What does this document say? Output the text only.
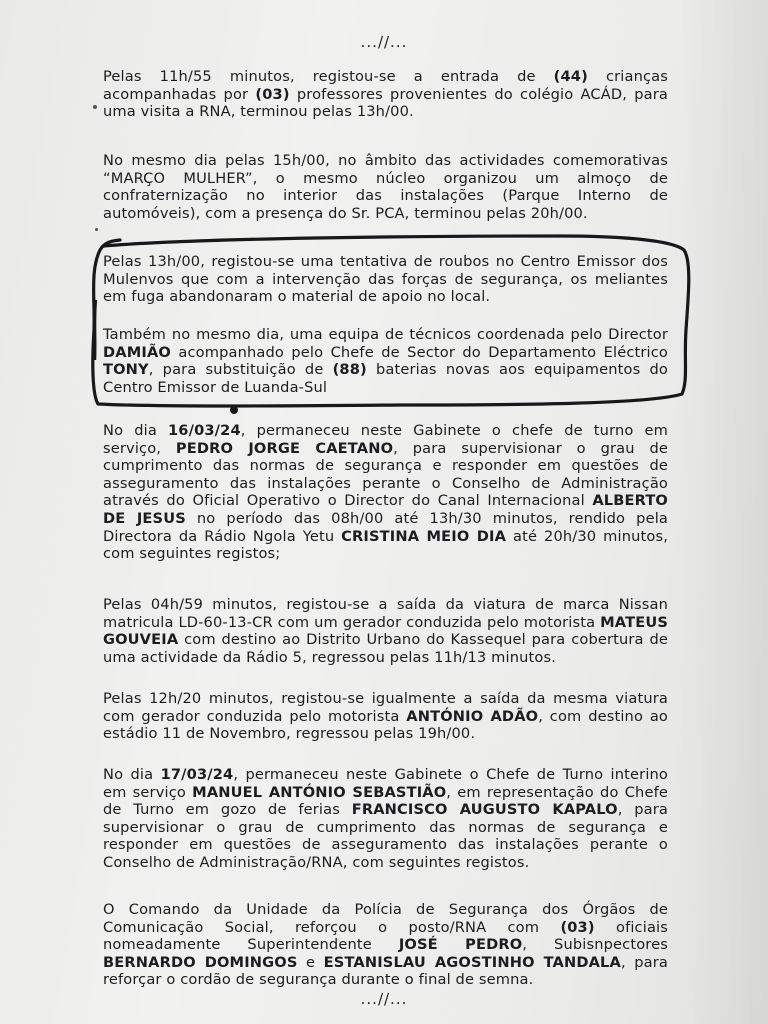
...//...
Pelas 11h/55 minutos, registou-se a entrada de (44) crianças acompanhadas por (03) professores provenientes do colégio ACÁD, para uma visita a RNA, terminou pelas 13h/00.
No mesmo dia pelas 15h/00, no âmbito das actividades comemorativas “MARÇO MULHER”, o mesmo núcleo organizou um almoço de confraternização no interior das instalações (Parque Interno de automóveis), com a presença do Sr. PCA, terminou pelas 20h/00.
Pelas 13h/00, registou-se uma tentativa de roubos no Centro Emissor dos Mulenvos que com a intervenção das forças de segurança, os meliantes em fuga abandonaram o material de apoio no local.
Também no mesmo dia, uma equipa de técnicos coordenada pelo Director DAMIÃO acompanhado pelo Chefe de Sector do Departamento Eléctrico TONY, para substituição de (88) baterias novas aos equipamentos do Centro Emissor de Luanda-Sul
No dia 16/03/24, permaneceu neste Gabinete o chefe de turno em serviço, PEDRO JORGE CAETANO, para supervisionar o grau de cumprimento das normas de segurança e responder em questões de asseguramento das instalações perante o Conselho de Administração através do Oficial Operativo o Director do Canal Internacional ALBERTO DE JESUS no período das 08h/00 até 13h/30 minutos, rendido pela Directora da Rádio Ngola Yetu CRISTINA MEIO DIA até 20h/30 minutos, com seguintes registos;
Pelas 04h/59 minutos, registou-se a saída da viatura de marca Nissan matricula LD-60-13-CR com um gerador conduzida pelo motorista MATEUS GOUVEIA com destino ao Distrito Urbano do Kassequel para cobertura de uma actividade da Rádio 5, regressou pelas 11h/13 minutos.
Pelas 12h/20 minutos, registou-se igualmente a saída da mesma viatura com gerador conduzida pelo motorista ANTÓNIO ADÃO, com destino ao estádio 11 de Novembro, regressou pelas 19h/00.
No dia 17/03/24, permaneceu neste Gabinete o Chefe de Turno interino em serviço MANUEL ANTÓNIO SEBASTIÃO, em representação do Chefe de Turno em gozo de ferias FRANCISCO AUGUSTO KAPALO, para supervisionar o grau de cumprimento das normas de segurança e responder em questões de asseguramento das instalações perante o Conselho de Administração/RNA, com seguintes registos.
O Comando da Unidade da Polícia de Segurança dos Órgãos de Comunicação Social, reforçou o posto/RNA com (03) oficiais nomeadamente Superintendente JOSÉ PEDRO, Subisnpectores BERNARDO DOMINGOS e ESTANISLAU AGOSTINHO TANDALA, para reforçar o cordão de segurança durante o final de semna.
...//...
